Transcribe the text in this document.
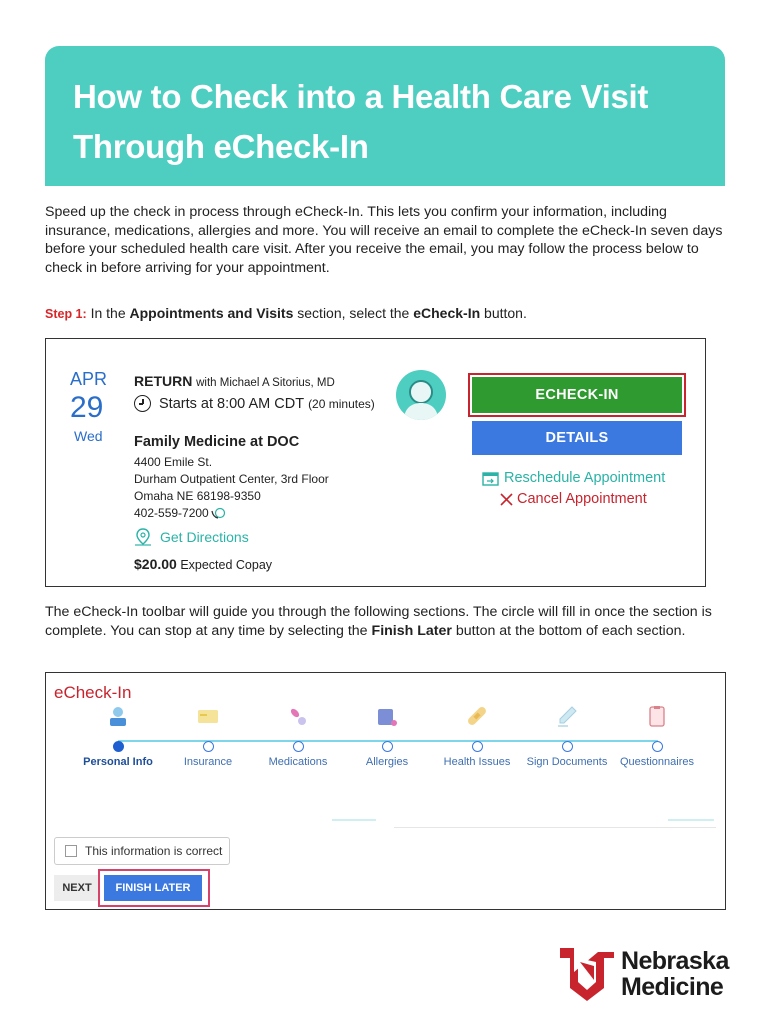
How to Check into a Health Care Visit Through eCheck-In

Speed up the check in process through eCheck-In. This lets you confirm your information, including insurance, medications, allergies and more. You will receive an email to complete the eCheck-In seven days before your scheduled health care visit. After you receive the email, you may follow the process below to check in before arriving for your appointment.

Step 1: In the Appointments and Visits section, select the eCheck-In button.
APR
29
Wed
RETURN with Michael A Sitorius, MD
Starts at 8:00 AM CDT (20 minutes)
Family Medicine at DOC
4400 Emile St.
Durham Outpatient Center, 3rd Floor
Omaha NE 68198-9350
402-559-7200
Get Directions
$20.00 Expected Copay
ECHECK-IN
DETAILS
Reschedule Appointment
Cancel Appointment

The eCheck-In toolbar will guide you through the following sections. The circle will fill in once the section is complete. You can stop at any time by selecting the Finish Later button at the bottom of each section.

eCheck-In
Personal Info	Insurance	Medications	Allergies	Health Issues	Sign Documents	Questionnaires
This information is correct
NEXT	FINISH LATER
Nebraska
Medicine
